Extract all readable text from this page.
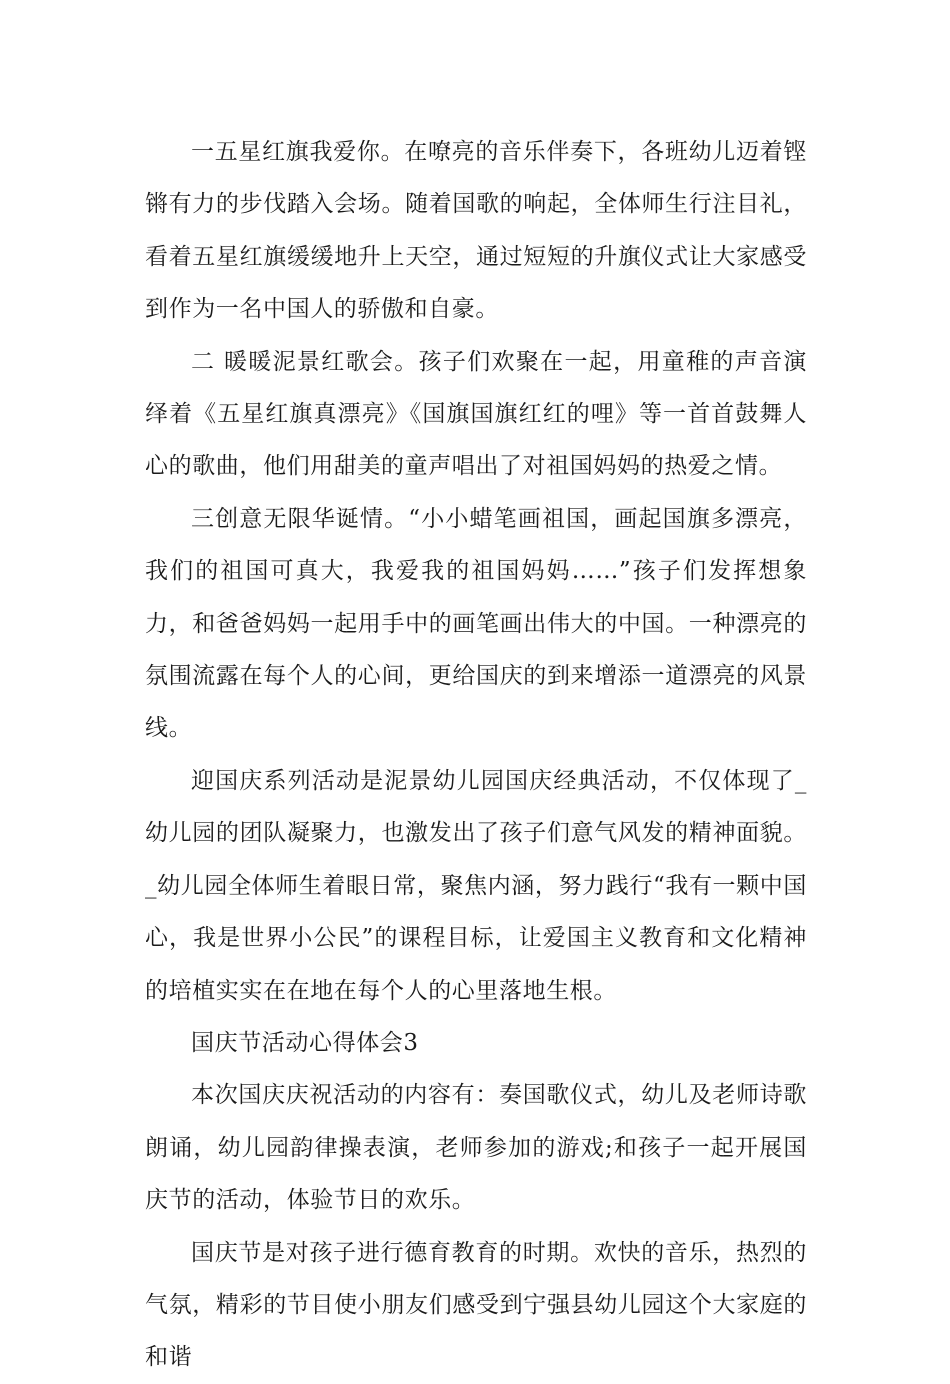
一五星红旗我爱你。在嘹亮的音乐伴奏下，各班幼儿迈着铿锵有力的步伐踏入会场。随着国歌的响起，全体师生行注目礼，看着五星红旗缓缓地升上天空，通过短短的升旗仪式让大家感受到作为一名中国人的骄傲和自豪。

二 暖暖泥景红歌会。孩子们欢聚在一起，用童稚的声音演绎着《五星红旗真漂亮》《国旗国旗红红的哩》等一首首鼓舞人心的歌曲，他们用甜美的童声唱出了对祖国妈妈的热爱之情。

三创意无限华诞情。“小小蜡笔画祖国，画起国旗多漂亮，我们的祖国可真大，我爱我的祖国妈妈……”孩子们发挥想象力，和爸爸妈妈一起用手中的画笔画出伟大的中国。一种漂亮的氛围流露在每个人的心间，更给国庆的到来增添一道漂亮的风景线。

迎国庆系列活动是泥景幼儿园国庆经典活动，不仅体现了_幼儿园的团队凝聚力，也激发出了孩子们意气风发的精神面貌。_幼儿园全体师生着眼日常，聚焦内涵，努力践行“我有一颗中国心，我是世界小公民”的课程目标，让爱国主义教育和文化精神的培植实实在在地在每个人的心里落地生根。

国庆节活动心得体会3

本次国庆庆祝活动的内容有：奏国歌仪式，幼儿及老师诗歌朗诵，幼儿园韵律操表演，老师参加的游戏;和孩子一起开展国庆节的活动，体验节日的欢乐。

国庆节是对孩子进行德育教育的时期。欢快的音乐，热烈的气氛，精彩的节目使小朋友们感受到宁强县幼儿园这个大家庭的和谐
